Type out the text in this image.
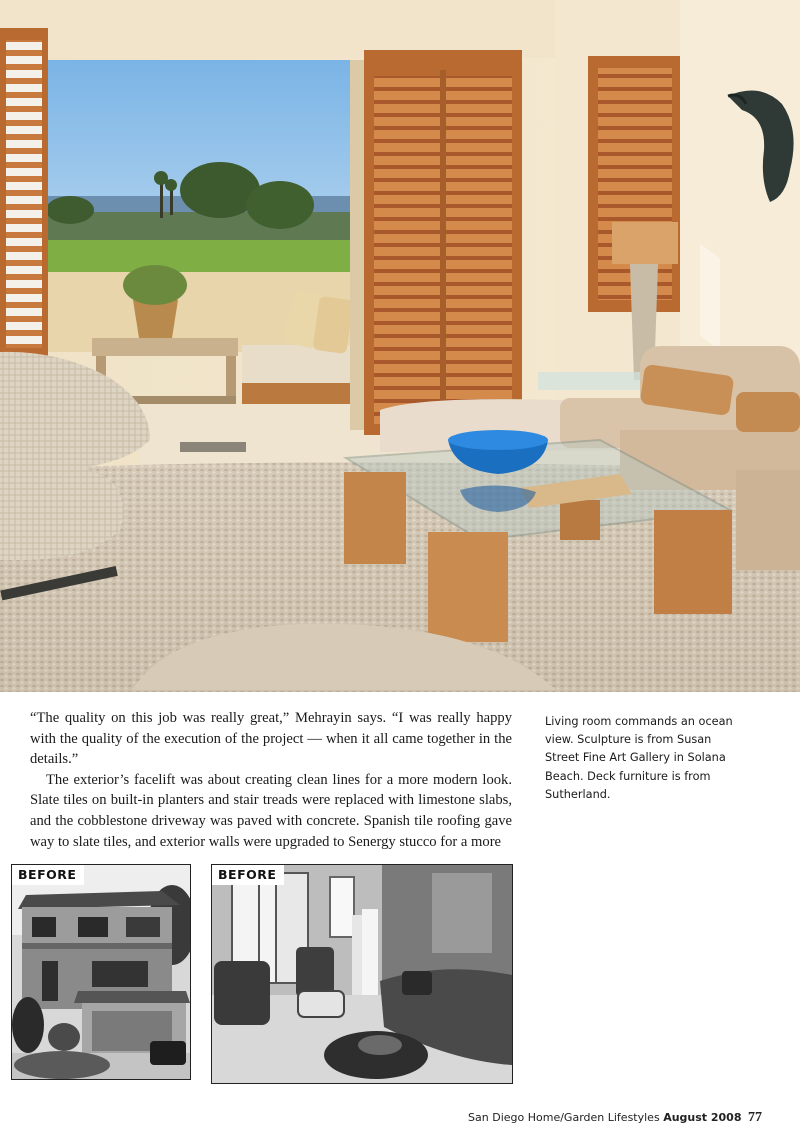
“The quality on this job was really great,” Mehrayin says. “I was really happy with the quality of the execution of the project — when it all came together in the details.”

The exterior’s facelift was about creating clean lines for a more modern look. Slate tiles on built-in planters and stair treads were replaced with limestone slabs, and the cobblestone driveway was paved with concrete. Spanish tile roofing gave way to slate tiles, and exterior walls were upgraded to Senergy stucco for a more

Living room commands an ocean view. Sculpture is from Susan Street Fine Art Gallery in Solana Beach. Deck furniture is from Sutherland.
BEFORE	BEFORE
San Diego Home/Garden Lifestyles August 2008 77
